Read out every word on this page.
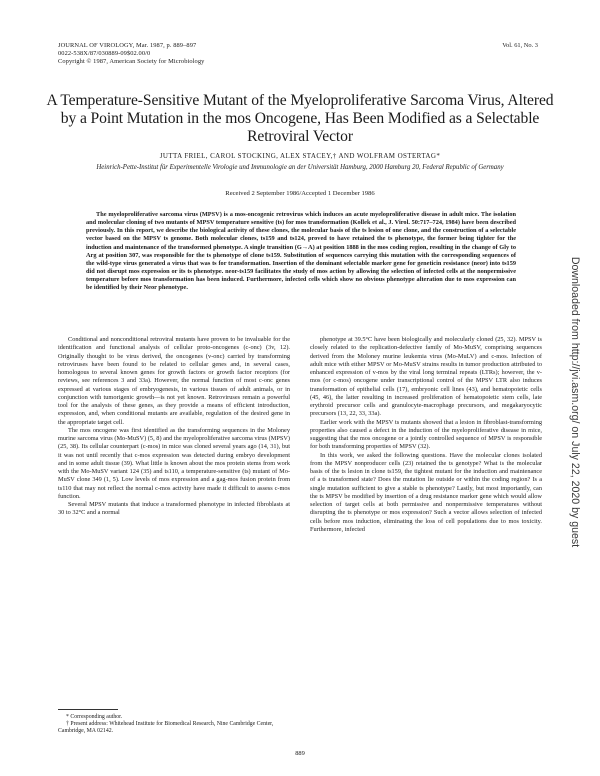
JOURNAL OF VIROLOGY, Mar. 1987, p. 889–897
0022-538X/87/030889-09$02.00/0
Copyright © 1987, American Society for Microbiology
Vol. 61, No. 3
A Temperature-Sensitive Mutant of the Myeloproliferative Sarcoma Virus, Altered by a Point Mutation in the mos Oncogene, Has Been Modified as a Selectable Retroviral Vector
JUTTA FRIEL, CAROL STOCKING, ALEX STACEY,† AND WOLFRAM OSTERTAG*
Heinrich-Pette-Institut für Experimentelle Virologie und Immunologie an der Universität Hamburg, 2000 Hamburg 20, Federal Republic of Germany
Received 2 September 1986/Accepted 1 December 1986

The myeloproliferative sarcoma virus (MPSV) is a mos-oncogenic retrovirus which induces an acute myeloproliferative disease in adult mice. The isolation and molecular cloning of two mutants of MPSV temperature sensitive (ts) for mos transformation (Kollek et al., J. Virol. 50:717–724, 1984) have been described previously. In this report, we describe the biological activity of these clones, the molecular basis of the ts lesion of one clone, and the construction of a selectable vector based on the MPSV ts genome. Both molecular clones, ts159 and ts124, proved to have retained the ts phenotype, the former being tighter for the induction and maintenance of the transformed phenotype. A single transition (G→A) at position 1888 in the mos coding region, resulting in the change of Gly to Arg at position 307, was responsible for the ts phenotype of clone ts159. Substitution of sequences carrying this mutation with the corresponding sequences of the wild-type virus generated a virus that was ts for transformation. Insertion of the dominant selectable marker gene for geneticin resistance (neor) into ts159 did not disrupt mos expression or its ts phenotype. neor-ts159 facilitates the study of mos action by allowing the selection of infected cells at the nonpermissive temperature before mos transformation has been induced. Furthermore, infected cells which show no obvious phenotype alteration due to mos expression can be identified by their Neor phenotype.

Conditional and nonconditional retroviral mutants have proven to be invaluable for the identification and functional analysis of cellular proto-oncogenes (c-onc) (3v, 12). Originally thought to be virus derived, the oncogenes (v-onc) carried by transforming retroviruses have been found to be related to cellular genes and, in several cases, homologous to several known genes for growth factors or growth factor receptors (for reviews, see references 3 and 33a). However, the normal function of most c-onc genes expressed at various stages of embryogenesis, in various tissues of adult animals, or in conjunction with tumorigenic growth—is not yet known. Retroviruses remain a powerful tool for the analysis of these genes, as they provide a means of efficient introduction, expression, and, when conditional mutants are available, regulation of the desired gene in the appropriate target cell.

The mos oncogene was first identified as the transforming sequences in the Moloney murine sarcoma virus (Mo-MuSV) (5, 8) and the myeloproliferative sarcoma virus (MPSV) (25, 38). Its cellular counterpart (c-mos) in mice was cloned several years ago (14, 31), but it was not until recently that c-mos expression was detected during embryo development and in some adult tissue (39). What little is known about the mos protein stems from work with the Mo-MuSV variant 124 (35) and ts110, a temperature-sensitive (ts) mutant of Mo-MuSV clone 349 (1, 5). Low levels of mos expression and a gag-mos fusion protein from ts110 that may not reflect the normal c-mos activity have made it difficult to assess c-mos function.

Several MPSV mutants that induce a transformed phenotype in infected fibroblasts at 30 to 32°C and a normal

phenotype at 39.5°C have been biologically and molecularly cloned (25, 32). MPSV is closely related to the replication-defective family of Mo-MuSV, comprising sequences derived from the Moloney murine leukemia virus (Mo-MuLV) and c-mos. Infection of adult mice with either MPSV or Mo-MuSV strains results in tumor production attributed to enhanced expression of v-mos by the viral long terminal repeats (LTRs); however, the v-mos (or c-mos) oncogene under transcriptional control of the MPSV LTR also induces transformation of epithelial cells (17), embryonic cell lines (43), and hematopoietic cells (45, 46), the latter resulting in increased proliferation of hematopoietic stem cells, late erythroid precursor cells and granulocyte-macrophage precursors, and megakaryocytic precursors (13, 22, 33, 33a).

Earlier work with the MPSV ts mutants showed that a lesion in fibroblast-transforming properties also caused a defect in the induction of the myeloproliferative disease in mice, suggesting that the mos oncogene or a jointly controlled sequence of MPSV is responsible for both transforming properties of MPSV (32).

In this work, we asked the following questions. Have the molecular clones isolated from the MPSV nonproducer cells (23) retained the ts genotype? What is the molecular basis of the ts lesion in clone ts159, the tightest mutant for the induction and maintenance of a ts transformed state? Does the mutation lie outside or within the coding region? Is a single mutation sufficient to give a stable ts phenotype? Lastly, but most importantly, can the ts MPSV be modified by insertion of a drug resistance marker gene which would allow selection of target cells at both permissive and nonpermissive temperatures without disrupting the ts phenotype or mos expression? Such a vector allows selection of infected cells before mos induction, eliminating the loss of cell populations due to mos toxicity. Furthermore, infected

* Corresponding author.
† Present address: Whitehead Institute for Biomedical Research, Nine Cambridge Center, Cambridge, MA 02142.
889
Downloaded from http://jvi.asm.org/ on July 22, 2020 by guest
